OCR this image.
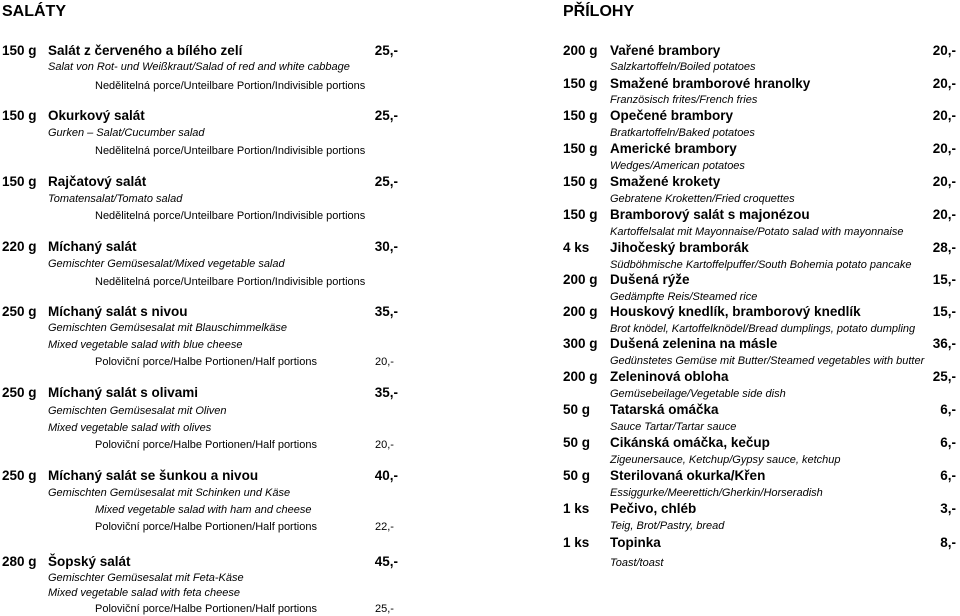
SALÁTY	PŘÍLOHY
150 g Salát z červeného a bílého zelí	25,-
Salat von Rot- und Weißkraut/Salad of red and white cabbage
Nedělitelná porce/Unteilbare Portion/Indivisible portions
150 g Okurkový salát	25,-
Gurken – Salat/Cucumber salad
Nedělitelná porce/Unteilbare Portion/Indivisible portions
150 g Rajčatový salát	25,-
Tomatensalat/Tomato salad
Nedělitelná porce/Unteilbare Portion/Indivisible portions
220 g Míchaný salát	30,-
Gemischter Gemüsesalat/Mixed vegetable salad
Nedělitelná porce/Unteilbare Portion/Indivisible portions
250 g Míchaný salát s nivou	35,-
Gemischten Gemüsesalat mit Blauschimmelkäse
Mixed vegetable salad with blue cheese
Poloviční porce/Halbe Portionen/Half portions	20,-
250 g Míchaný salát s olivami	35,-
Gemischten Gemüsesalat mit Oliven
Mixed vegetable salad with olives
Poloviční porce/Halbe Portionen/Half portions	20,-
250 g Míchaný salát se šunkou a nivou	40,-
Gemischten Gemüsesalat mit Schinken und Käse
Mixed vegetable salad with ham and cheese
Poloviční porce/Halbe Portionen/Half portions	22,-
280 g Šopský salát	45,-
Gemischter Gemüsesalat mit Feta-Käse
Mixed vegetable salad with feta cheese
Poloviční porce/Halbe Portionen/Half portions	25,-
200 g Vařené brambory	20,-
Salzkartoffeln/Boiled potatoes
150 g Smažené bramborové hranolky	20,-
Französisch frites/French fries
150 g Opečené brambory	20,-
Bratkartoffeln/Baked potatoes
150 g Americké brambory	20,-
Wedges/American potatoes
150 g Smažené krokety	20,-
Gebratene Kroketten/Fried croquettes
150 g Bramborový salát s majonézou	20,-
Kartoffelsalat mit Mayonnaise/Potato salad with mayonnaise
4 ks Jihočeský bramborák	28,-
Südböhmische Kartoffelpuffer/South Bohemia potato pancake
200 g Dušená rýže	15,-
Gedämpfte Reis/Steamed rice
200 g Houskový knedlík, bramborový knedlík	15,-
Brot knödel, Kartoffelknödel/Bread dumplings, potato dumpling
300 g Dušená zelenina na másle	36,-
Gedünstetes Gemüse mit Butter/Steamed vegetables with butter
200 g Zeleninová obloha	25,-
Gemüsebeilage/Vegetable side dish
50 g Tatarská omáčka	6,-
Sauce Tartar/Tartar sauce
50 g Cikánská omáčka, kečup	6,-
Zigeunersauce, Ketchup/Gypsy sauce, ketchup
50 g Sterilovaná okurka/Křen	6,-
Essiggurke/Meerettich/Gherkin/Horseradish
1 ks Pečivo, chléb	3,-
Teig, Brot/Pastry, bread
1 ks Topinka	8,-
Toast/toast
